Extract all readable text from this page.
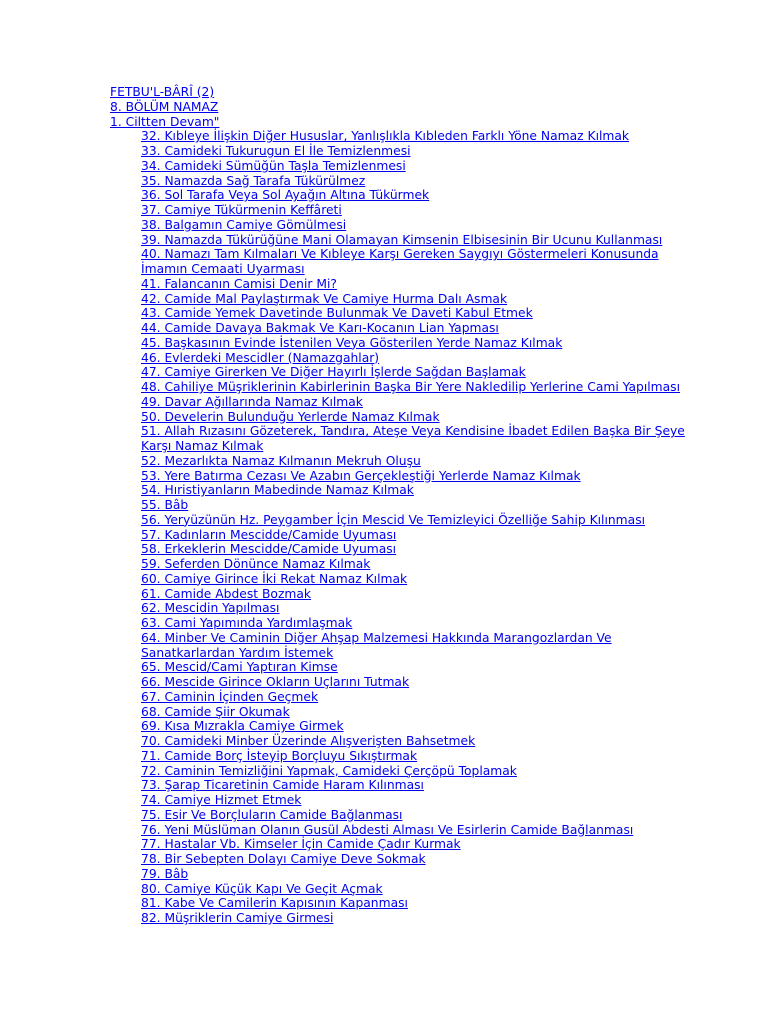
FETBU'L-BÂRÎ (2)
8. BÖLÜM NAMAZ
1. Ciltten Devam"
32. Kıbleye İlişkin Diğer Hususlar, Yanlışlıkla Kıbleden Farklı Yöne Namaz Kılmak
33. Camideki Tukurugun El İle Temizlenmesi
34. Camideki Sümüğün Taşla Temizlenmesi
35. Namazda Sağ Tarafa Tükürülmez
36. Sol Tarafa Veya Sol Ayağın Altına Tükürmek
37. Camiye Tükürmenin Keffâreti
38. Balgamın Camiye Gömülmesi
39. Namazda Tükürüğüne Mani Olamayan Kimsenin Elbisesinin Bir Ucunu Kullanması
40. Namazı Tam Kılmaları Ve Kıbleye Karşı Gereken Saygıyı Göstermeleri Konusunda İmamın Cemaati Uyarması
41. Falancanın Camisi Denir Mi?
42. Camide Mal Paylaştırmak Ve Camiye Hurma Dalı Asmak
43. Camide Yemek Davetinde Bulunmak Ve Daveti Kabul Etmek
44. Camide Davaya Bakmak Ve Karı-Kocanın Lian Yapması
45. Başkasının Evinde İstenilen Veya Gösterilen Yerde Namaz Kılmak
46. Evlerdeki Mescidler (Namazgahlar)
47. Camiye Girerken Ve Diğer Hayırlı İşlerde Sağdan Başlamak
48. Cahiliye Müşriklerinin Kabirlerinin Başka Bir Yere Nakledilip Yerlerine Cami Yapılması
49. Davar Ağıllarında Namaz Kılmak
50. Develerin Bulunduğu Yerlerde Namaz Kılmak
51. Allah Rızasını Gözeterek, Tandıra, Ateşe Veya Kendisine İbadet Edilen Başka Bir Şeye Karşı Namaz Kılmak
52. Mezarlıkta Namaz Kılmanın Mekruh Oluşu
53. Yere Batırma Cezası Ve Azabın Gerçekleştiği Yerlerde Namaz Kılmak
54. Hıristiyanların Mabedinde Namaz Kılmak
55. Bâb
56. Yeryüzünün Hz. Peygamber İçin Mescid Ve Temizleyici Özelliğe Sahip Kılınması
57. Kadınların Mescidde/Camide Uyuması
58. Erkeklerin Mescidde/Camide Uyuması
59. Seferden Dönünce Namaz Kılmak
60. Camiye Girince İki Rekat Namaz Kılmak
61. Camide Abdest Bozmak
62. Mescidin Yapılması
63. Cami Yapımında Yardımlaşmak
64. Minber Ve Caminin Diğer Ahşap Malzemesi Hakkında Marangozlardan Ve Sanatkarlardan Yardım İstemek
65. Mescid/Cami Yaptıran Kimse
66. Mescide Girince Okların Uçlarını Tutmak
67. Caminin İçinden Geçmek
68. Camide Şiir Okumak
69. Kısa Mızrakla Camiye Girmek
70. Camideki Minber Üzerinde Alışverişten Bahsetmek
71. Camide Borç İsteyip Borçluyu Sıkıştırmak
72. Caminin Temizliğini Yapmak, Camideki Çerçöpü Toplamak
73. Şarap Ticaretinin Camide Haram Kılınması
74. Camiye Hizmet Etmek
75. Esir Ve Borçluların Camide Bağlanması
76. Yeni Müslüman Olanın Gusül Abdesti Alması Ve Esirlerin Camide Bağlanması
77. Hastalar Vb. Kimseler İçin Camide Çadır Kurmak
78. Bir Sebepten Dolayı Camiye Deve Sokmak
79. Bâb
80. Camiye Küçük Kapı Ve Geçit Açmak
81. Kabe Ve Camilerin Kapısının Kapanması
82. Müşriklerin Camiye Girmesi
